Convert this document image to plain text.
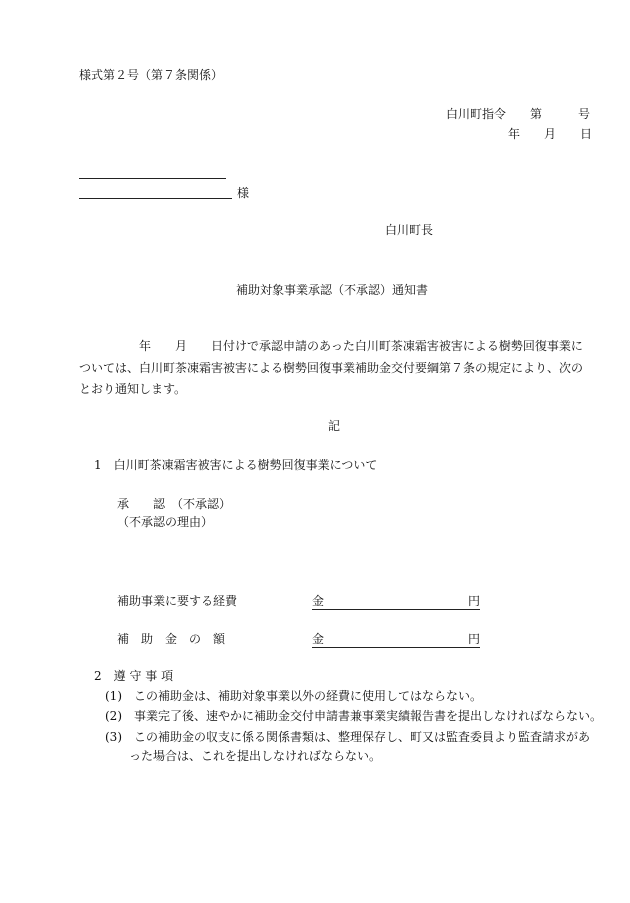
様式第２号（第７条関係）
白川町指令　　第　　　号
年　　月　　日
様
白川町長
補助対象事業承認（不承認）通知書
　　　　　年　　月　　日付けで承認申請のあった白川町茶凍霜害被害による樹勢回復事業に
ついては、白川町茶凍霜害被害による樹勢回復事業補助金交付要綱第７条の規定により、次の
とおり通知します。
記
1　白川町茶凍霜害被害による樹勢回復事業について
承　　認　（不承認）
（不承認の理由）
補助事業に要する経費	金　　　　　　　　　　　　円
補　助　金　の　額	金　　　　　　　　　　　　円
2　遵 守 事 項
(1)　この補助金は、補助対象事業以外の経費に使用してはならない。
(2)　事業完了後、速やかに補助金交付申請書兼事業実績報告書を提出しなければならない。
(3)　この補助金の収支に係る関係書類は、整理保存し、町又は監査委員より監査請求があ
　　った場合は、これを提出しなければならない。
